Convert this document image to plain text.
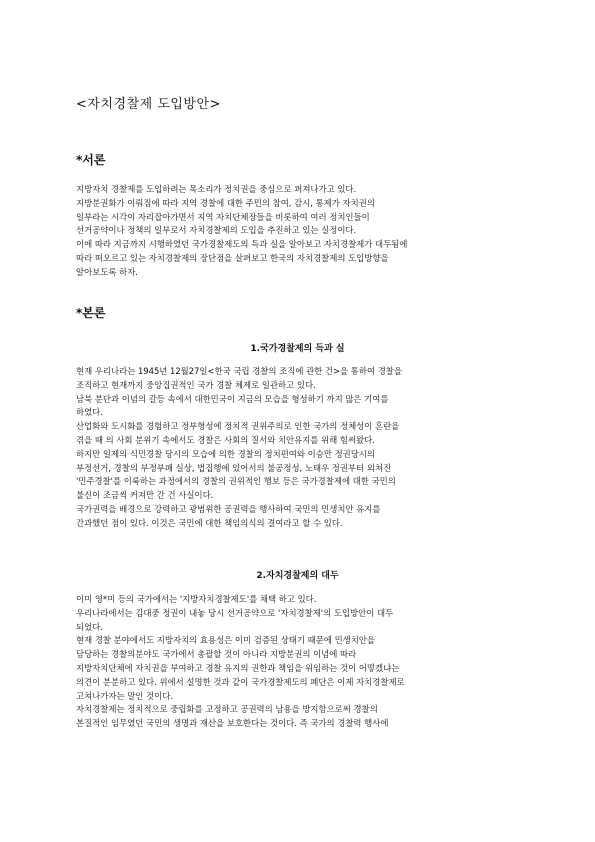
<자치경찰제 도입방안>
*서론
지방자치 경찰제를 도입하려는 목소리가 정치권을 중심으로 퍼져나가고 있다.
지방분권화가 이뤄짐에 따라 지역 경찰에 대한 주민의 참여, 감시, 통제가 자치권의
일부라는 시각이 자리잡아가면서 지역 자치단체장들을 비롯하여 여러 정치인들이
선거공약이나 정책의 일부로서 자치경찰제의 도입을 추진하고 있는 실정이다.
이에 따라 지금까지 시행하였던 국가경찰제도의 득과 실을 알아보고 자치경찰제가 대두됨에
따라 떠오르고 있는 자치경찰제의 장단점을 살펴보고 한국의 자치경찰제의 도입방향을
알아보도록 하자.
*본론
1.국가경찰제의 득과 실
현재 우리나라는 1945년 12월27일<한국 국립 경찰의 조직에 관한 건>을 통하여 경찰을
조직하고 현재까지 중앙집권적인 국가 경찰 체제로 일관하고 있다.
남북 분단과 이념의 갈등 속에서 대한민국이 지금의 모습을 형성하기 까지 많은 기여를
하였다.
산업화와 도시화를 경험하고 정부형성에 정치적 권위주의로 인한 국가의 정체성이 혼란을
겪을 때 의 사회 분위기 속에서도 경찰은 사회의 질서와 치안유지를 위해 힘써왔다.
하지만 일제의 식민경찰 당시의 모습에 의한 경찰의 정치편여와 이승만 정권당시의
부정선거, 경찰의 부정부패 실상, 법집행에 있어서의 불공정성, 노태우 정권부터 외쳐진
'민주경찰'를 이룩하는 과정에서의 경찰의 권위적인 행보 등은 국가경찰제에 대한 국민의
불신이 조금씩 커져만 간 건 사실이다.
국가권력을 배경으로 강력하고 광범위한 공권력을 행사하여 국민의 민생치안 유지를
간과했던 점이 있다. 이것은 국민에 대한 책임의식의 결여라고 할 수 있다.
2.자치경찰제의 대두
이미 영*미 등의 국가에서는 '지방자치경찰제도'를 채택 하고 있다.
우리나라에서는 김대중 정권이 내놓 당시 선거공약으로 '자치경찰제'의 도입방안이 대두
되었다.
현재 경찰 분야에서도 지방자치의 효용성은 이미 검증된 상태기 때문에 민생치안을
담당하는 경찰의분야도 국가에서 총괄할 것이 아니라 지방분권의 이념에 따라
지방자치단체에 자치권을 부여하고 경찰 유지의 권한과 책임을 위임하는 것이 어떻겠냐는
의견이 분분하고 있다. 위에서 설명한 것과 같이 국가경찰제도의 폐단은 이제 자치경찰제로
고쳐나가자는 말인 것이다.
자치경찰제는 정치적으로 중립화를 고정하고 공권력의 남용을 방지함으로써 경찰의
본질적인 임무였던 국민의 생명과 재산을 보호한다는 것이다. 즉 국가의 경찰력 행사에
